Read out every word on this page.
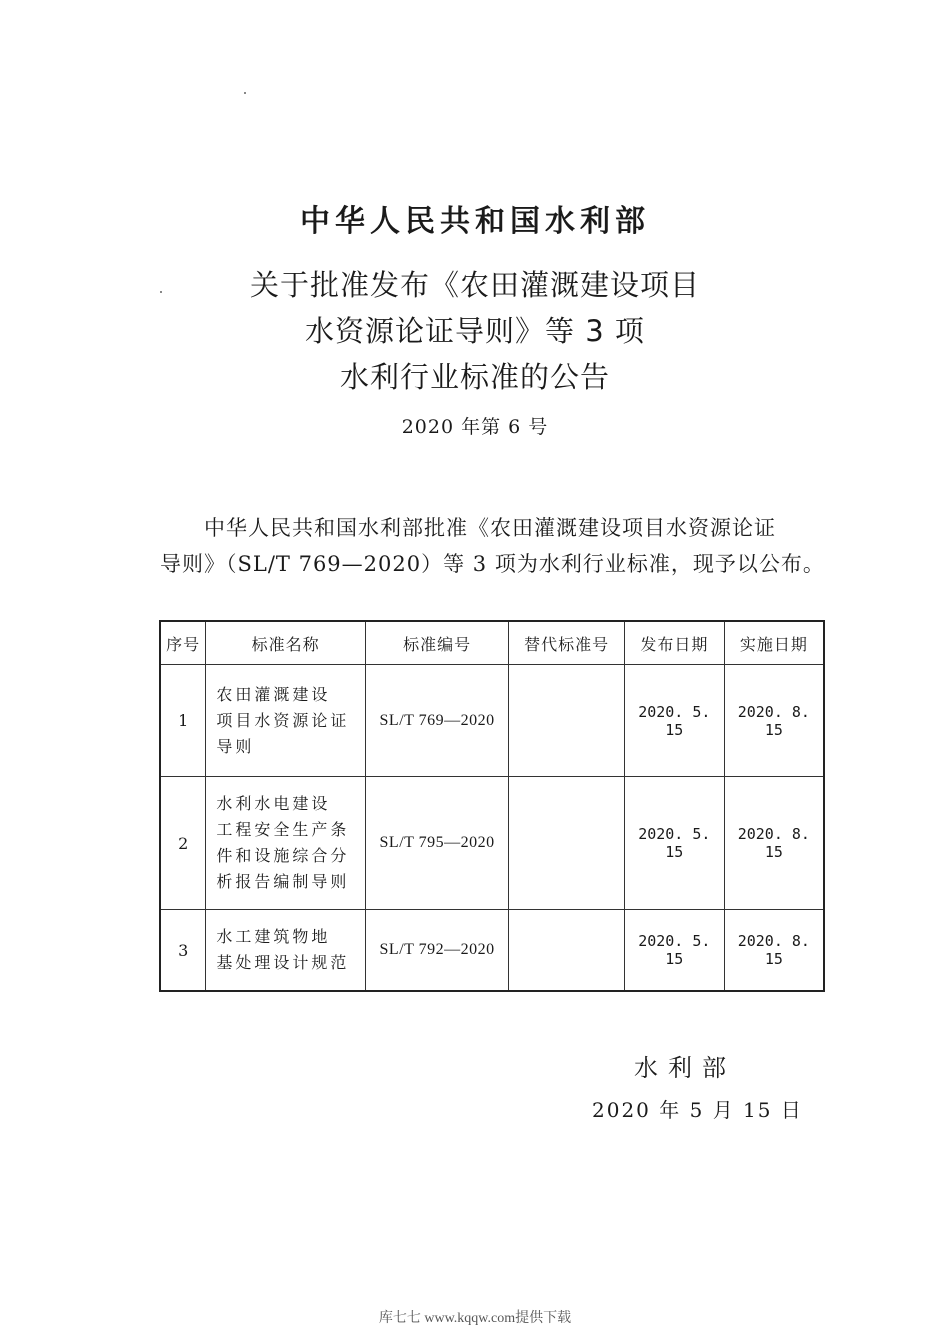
中华人民共和国水利部
关于批准发布《农田灌溉建设项目
水资源论证导则》等 3 项
水利行业标准的公告
2020 年第 6 号
中华人民共和国水利部批准《农田灌溉建设项目水资源论证
导则》（SL/T 769—2020）等 3 项为水利行业标准，现予以公布。
序号	标准名称	标准编号	替代标准号	发布日期	实施日期
1	农田灌溉建设
项目水资源论证
导则	SL/T 769—2020		2020. 5. 15	2020. 8. 15
2	水利水电建设
工程安全生产条
件和设施综合分
析报告编制导则	SL/T 795—2020		2020. 5. 15	2020. 8. 15
3	水工建筑物地
基处理设计规范	SL/T 792—2020		2020. 5. 15	2020. 8. 15
水利部
2020 年 5 月 15 日
库七七 www.kqqw.com提供下载
